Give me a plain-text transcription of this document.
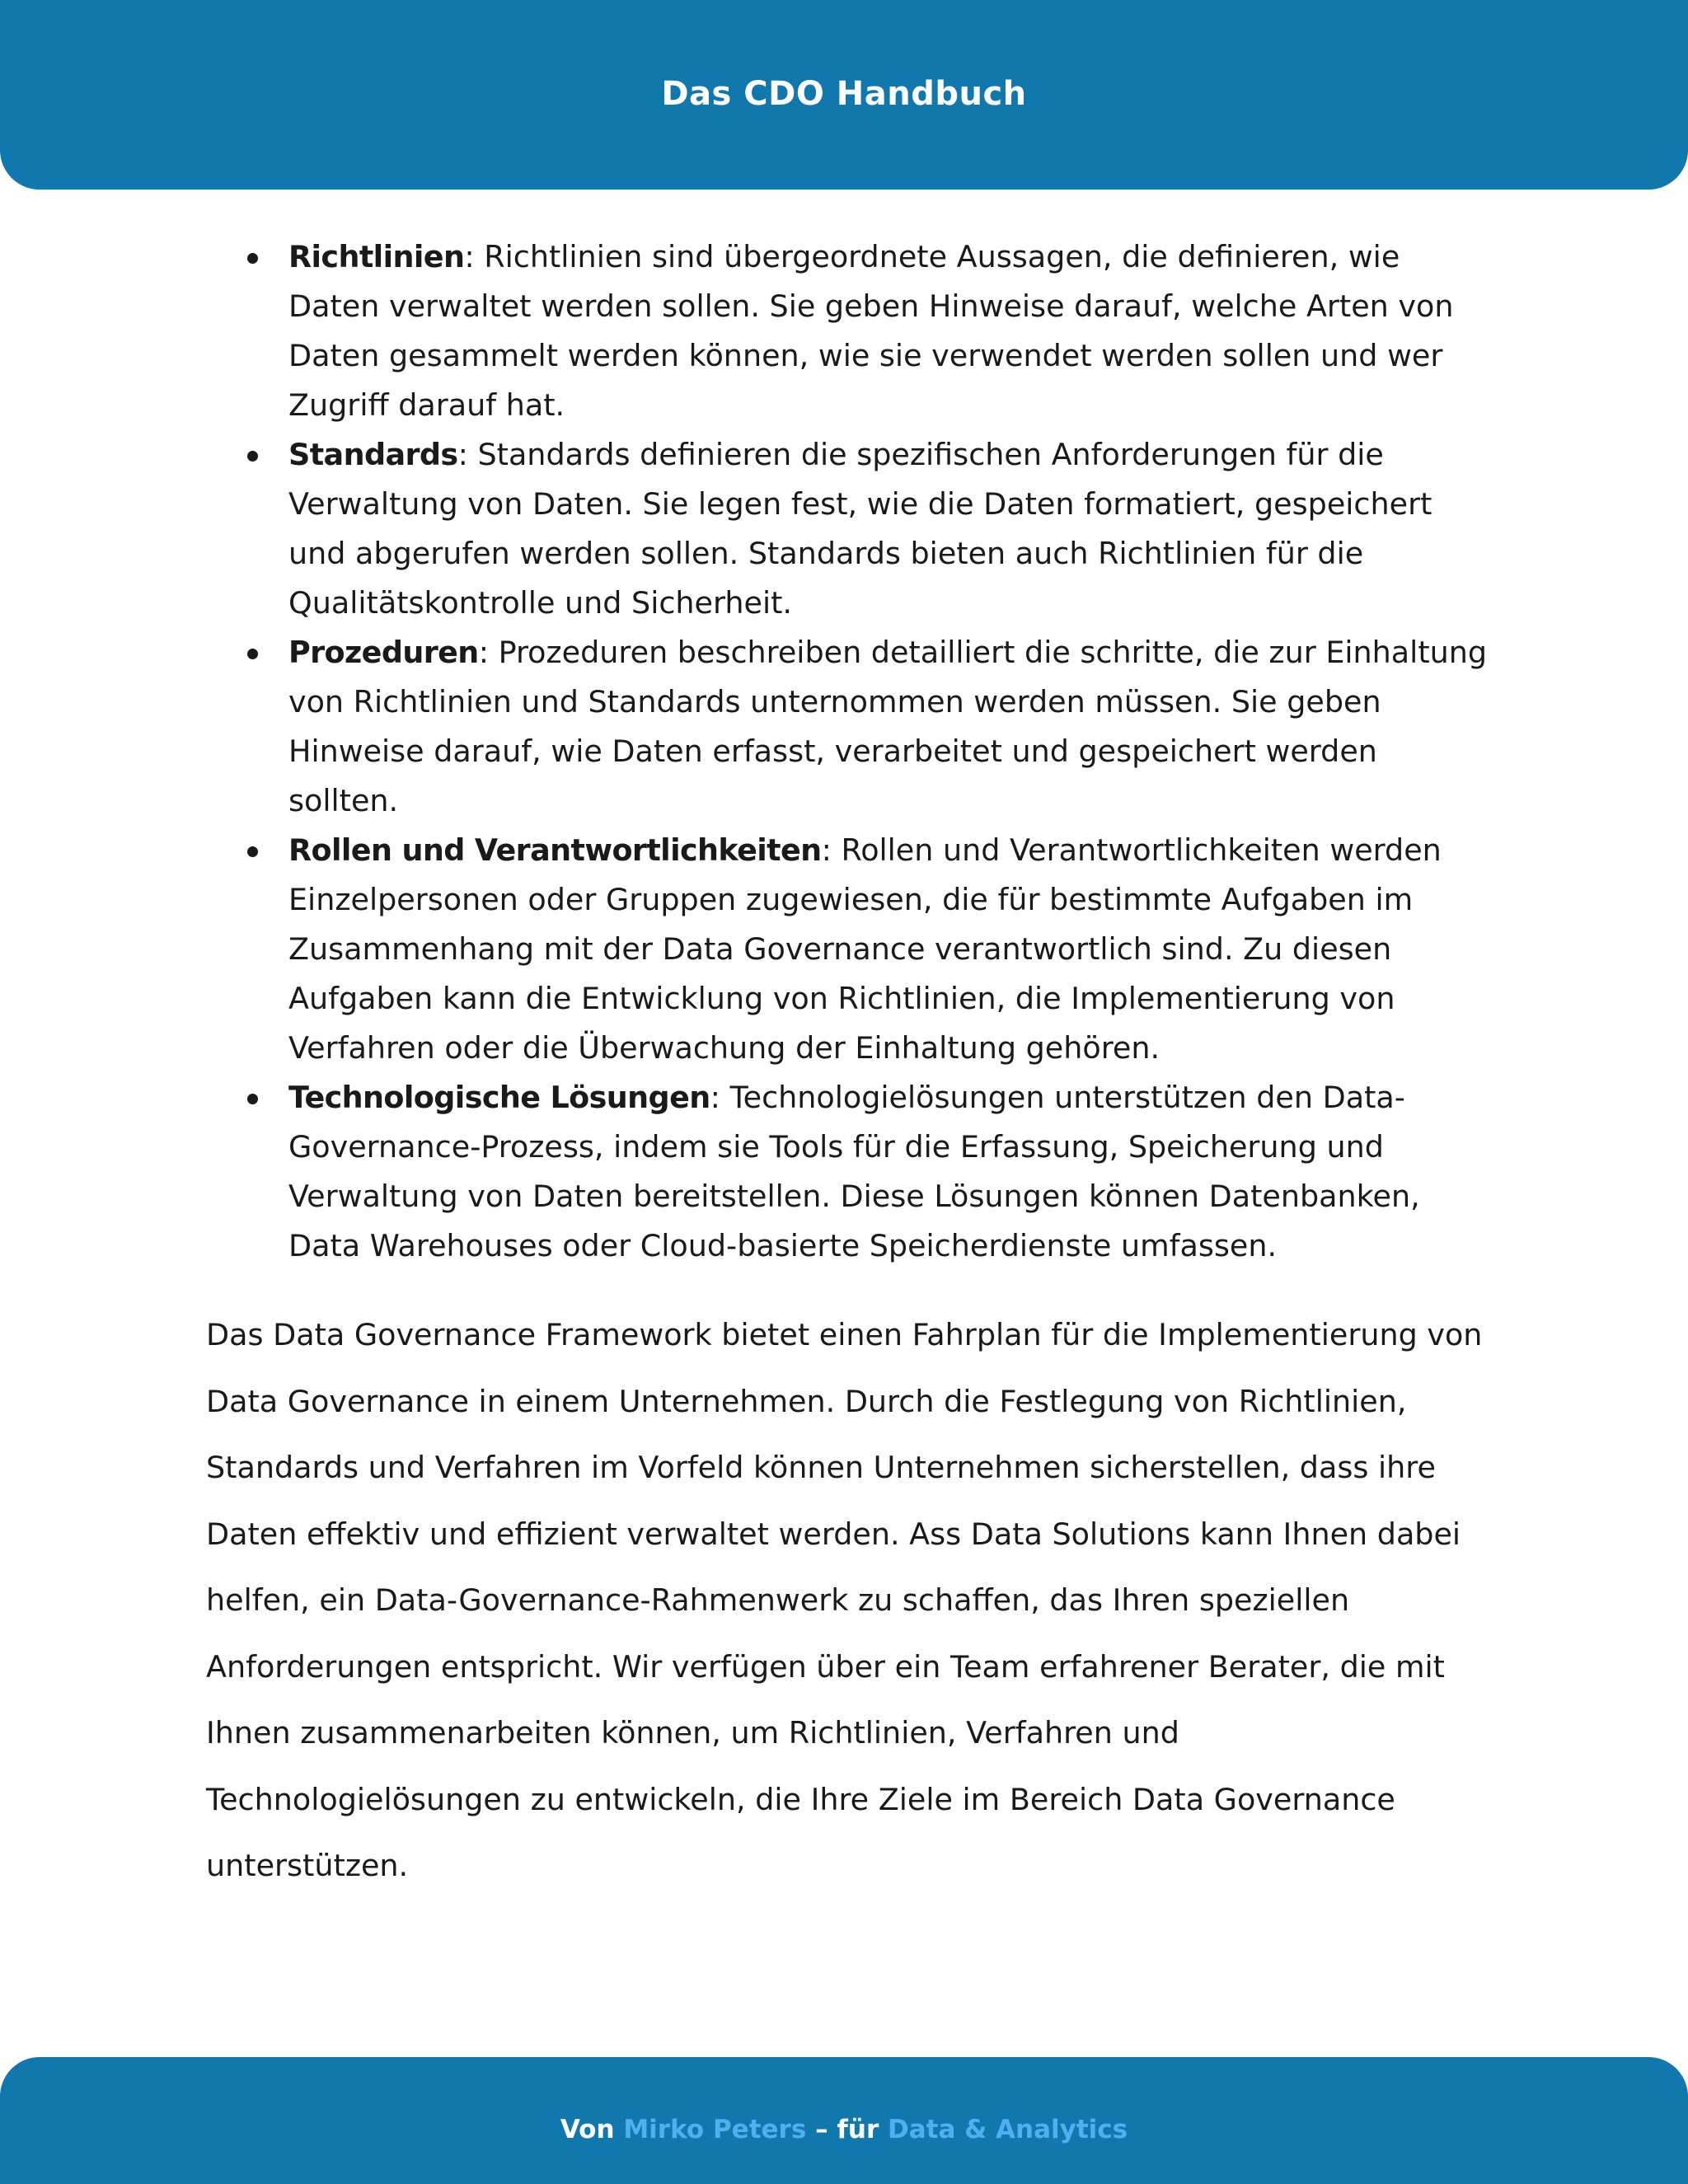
Das CDO Handbuch
Richtlinien: Richtlinien sind übergeordnete Aussagen, die definieren, wie Daten verwaltet werden sollen. Sie geben Hinweise darauf, welche Arten von Daten gesammelt werden können, wie sie verwendet werden sollen und wer Zugriff darauf hat.
Standards: Standards definieren die spezifischen Anforderungen für die Verwaltung von Daten. Sie legen fest, wie die Daten formatiert, gespeichert und abgerufen werden sollen. Standards bieten auch Richtlinien für die Qualitätskontrolle und Sicherheit.
Prozeduren: Prozeduren beschreiben detailliert die schritte, die zur Einhaltung von Richtlinien und Standards unternommen werden müssen. Sie geben Hinweise darauf, wie Daten erfasst, verarbeitet und gespeichert werden sollten.
Rollen und Verantwortlichkeiten: Rollen und Verantwortlichkeiten werden Einzelpersonen oder Gruppen zugewiesen, die für bestimmte Aufgaben im Zusammenhang mit der Data Governance verantwortlich sind. Zu diesen Aufgaben kann die Entwicklung von Richtlinien, die Implementierung von Verfahren oder die Überwachung der Einhaltung gehören.
Technologische Lösungen: Technologielösungen unterstützen den Data-Governance-Prozess, indem sie Tools für die Erfassung, Speicherung und Verwaltung von Daten bereitstellen. Diese Lösungen können Datenbanken, Data Warehouses oder Cloud-basierte Speicherdienste umfassen.

Das Data Governance Framework bietet einen Fahrplan für die Implementierung von Data Governance in einem Unternehmen. Durch die Festlegung von Richtlinien, Standards und Verfahren im Vorfeld können Unternehmen sicherstellen, dass ihre Daten effektiv und effizient verwaltet werden. Ass Data Solutions kann Ihnen dabei helfen, ein Data-Governance-Rahmenwerk zu schaffen, das Ihren speziellen Anforderungen entspricht. Wir verfügen über ein Team erfahrener Berater, die mit Ihnen zusammenarbeiten können, um Richtlinien, Verfahren und Technologielösungen zu entwickeln, die Ihre Ziele im Bereich Data Governance unterstützen.

Von Mirko Peters – für Data & Analytics
